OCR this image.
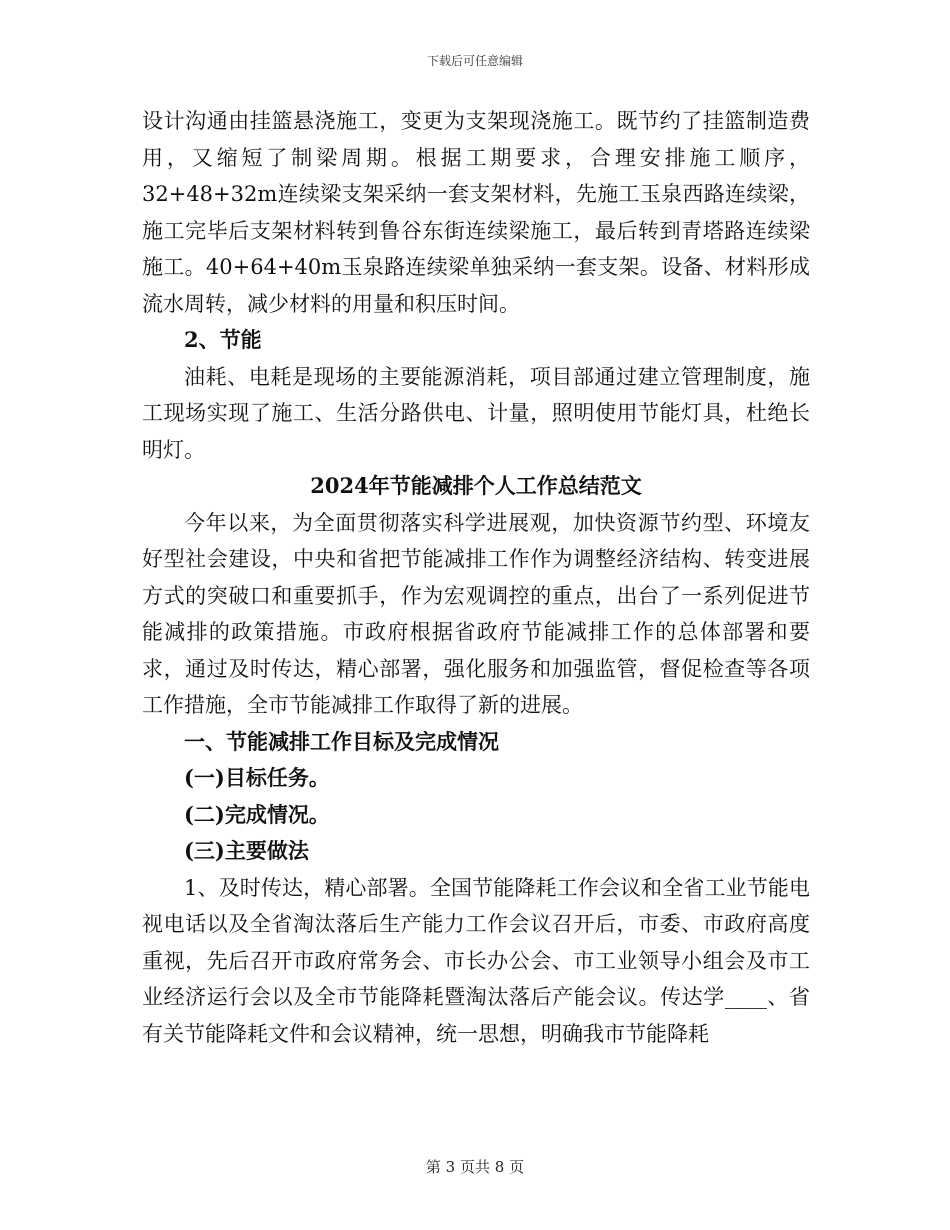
下载后可任意编辑

设计沟通由挂篮悬浇施工，变更为支架现浇施工。既节约了挂篮制造费用，又缩短了制梁周期。根据工期要求，合理安排施工顺序，32+48+32m连续梁支架采纳一套支架材料，先施工玉泉西路连续梁，施工完毕后支架材料转到鲁谷东街连续梁施工，最后转到青塔路连续梁施工。40+64+40m玉泉路连续梁单独采纳一套支架。设备、材料形成流水周转，减少材料的用量和积压时间。

2、节能

油耗、电耗是现场的主要能源消耗，项目部通过建立管理制度，施工现场实现了施工、生活分路供电、计量，照明使用节能灯具，杜绝长明灯。

2024年节能减排个人工作总结范文

今年以来，为全面贯彻落实科学进展观，加快资源节约型、环境友好型社会建设，中央和省把节能减排工作作为调整经济结构、转变进展方式的突破口和重要抓手，作为宏观调控的重点，出台了一系列促进节能减排的政策措施。市政府根据省政府节能减排工作的总体部署和要求，通过及时传达，精心部署，强化服务和加强监管，督促检查等各项工作措施，全市节能减排工作取得了新的进展。

一、节能减排工作目标及完成情况

(一)目标任务。

(二)完成情况。

(三)主要做法

1、及时传达，精心部署。全国节能降耗工作会议和全省工业节能电视电话以及全省淘汰落后生产能力工作会议召开后，市委、市政府高度重视，先后召开市政府常务会、市长办公会、市工业领导小组会及市工业经济运行会以及全市节能降耗暨淘汰落后产能会议。传达学____、省有关节能降耗文件和会议精神，统一思想，明确我市节能降耗

第 3 页共 8 页
